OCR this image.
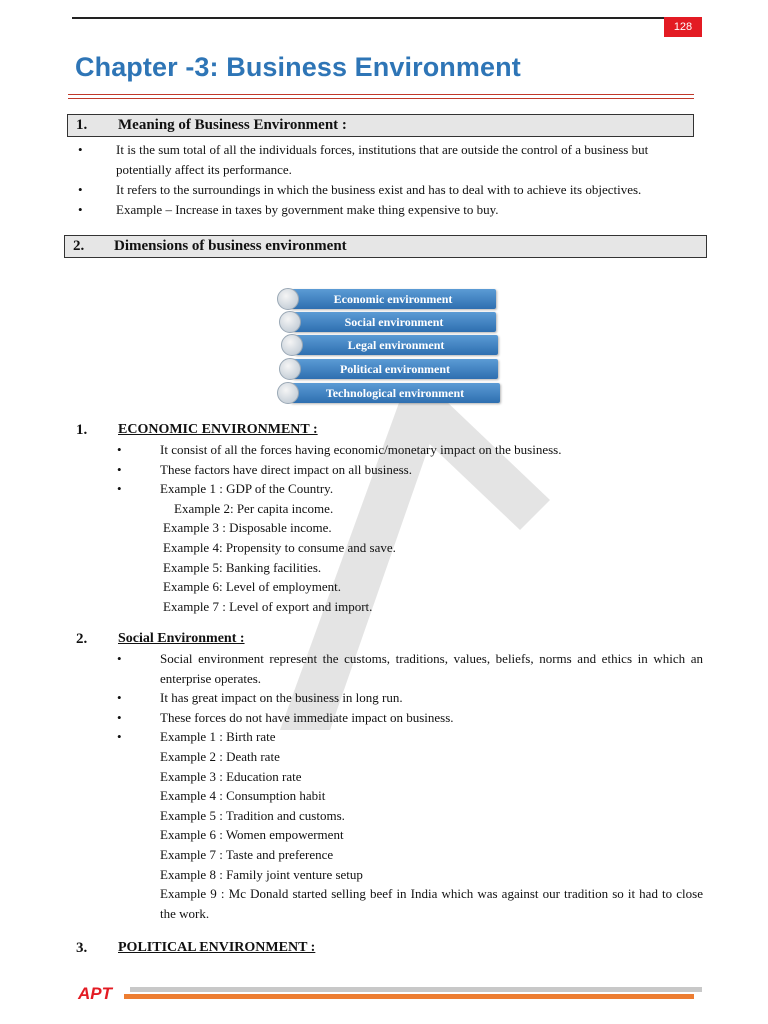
128
Chapter -3: Business Environment
1. Meaning of Business Environment :
•	It is the sum total of all the individuals forces, institutions that are outside the control of a business but potentially affect its performance.
•	It refers to the surroundings in which the business exist and has to deal with to achieve its objectives.
•	Example – Increase in taxes by government make thing expensive to buy.
2. Dimensions of business environment
Economic environment
Social environment
Legal environment
Political environment
Technological environment
1. ECONOMIC ENVIRONMENT :
•	It consist of all the forces having economic/monetary impact on the business.
•	These factors have direct impact on all business.
•	Example 1 : GDP of the Country.
Example 2: Per capita income.
Example 3 : Disposable income.
Example 4: Propensity to consume and save.
Example 5: Banking facilities.
Example 6: Level of employment.
Example 7 : Level of export and import.
2. Social Environment :
•	Social environment represent the customs, traditions, values, beliefs, norms and ethics in which an enterprise operates.
•	It has great impact on the business in long run.
•	These forces do not have immediate impact on business.
•	Example 1 : Birth rate
Example 2 : Death rate
Example 3 : Education rate
Example 4 : Consumption habit
Example 5 : Tradition and customs.
Example 6 : Women empowerment
Example 7 : Taste and preference
Example 8 : Family joint venture setup
Example 9 : Mc Donald started selling beef in India which was against our tradition so it had to close the work.
3. POLITICAL ENVIRONMENT :
APT
